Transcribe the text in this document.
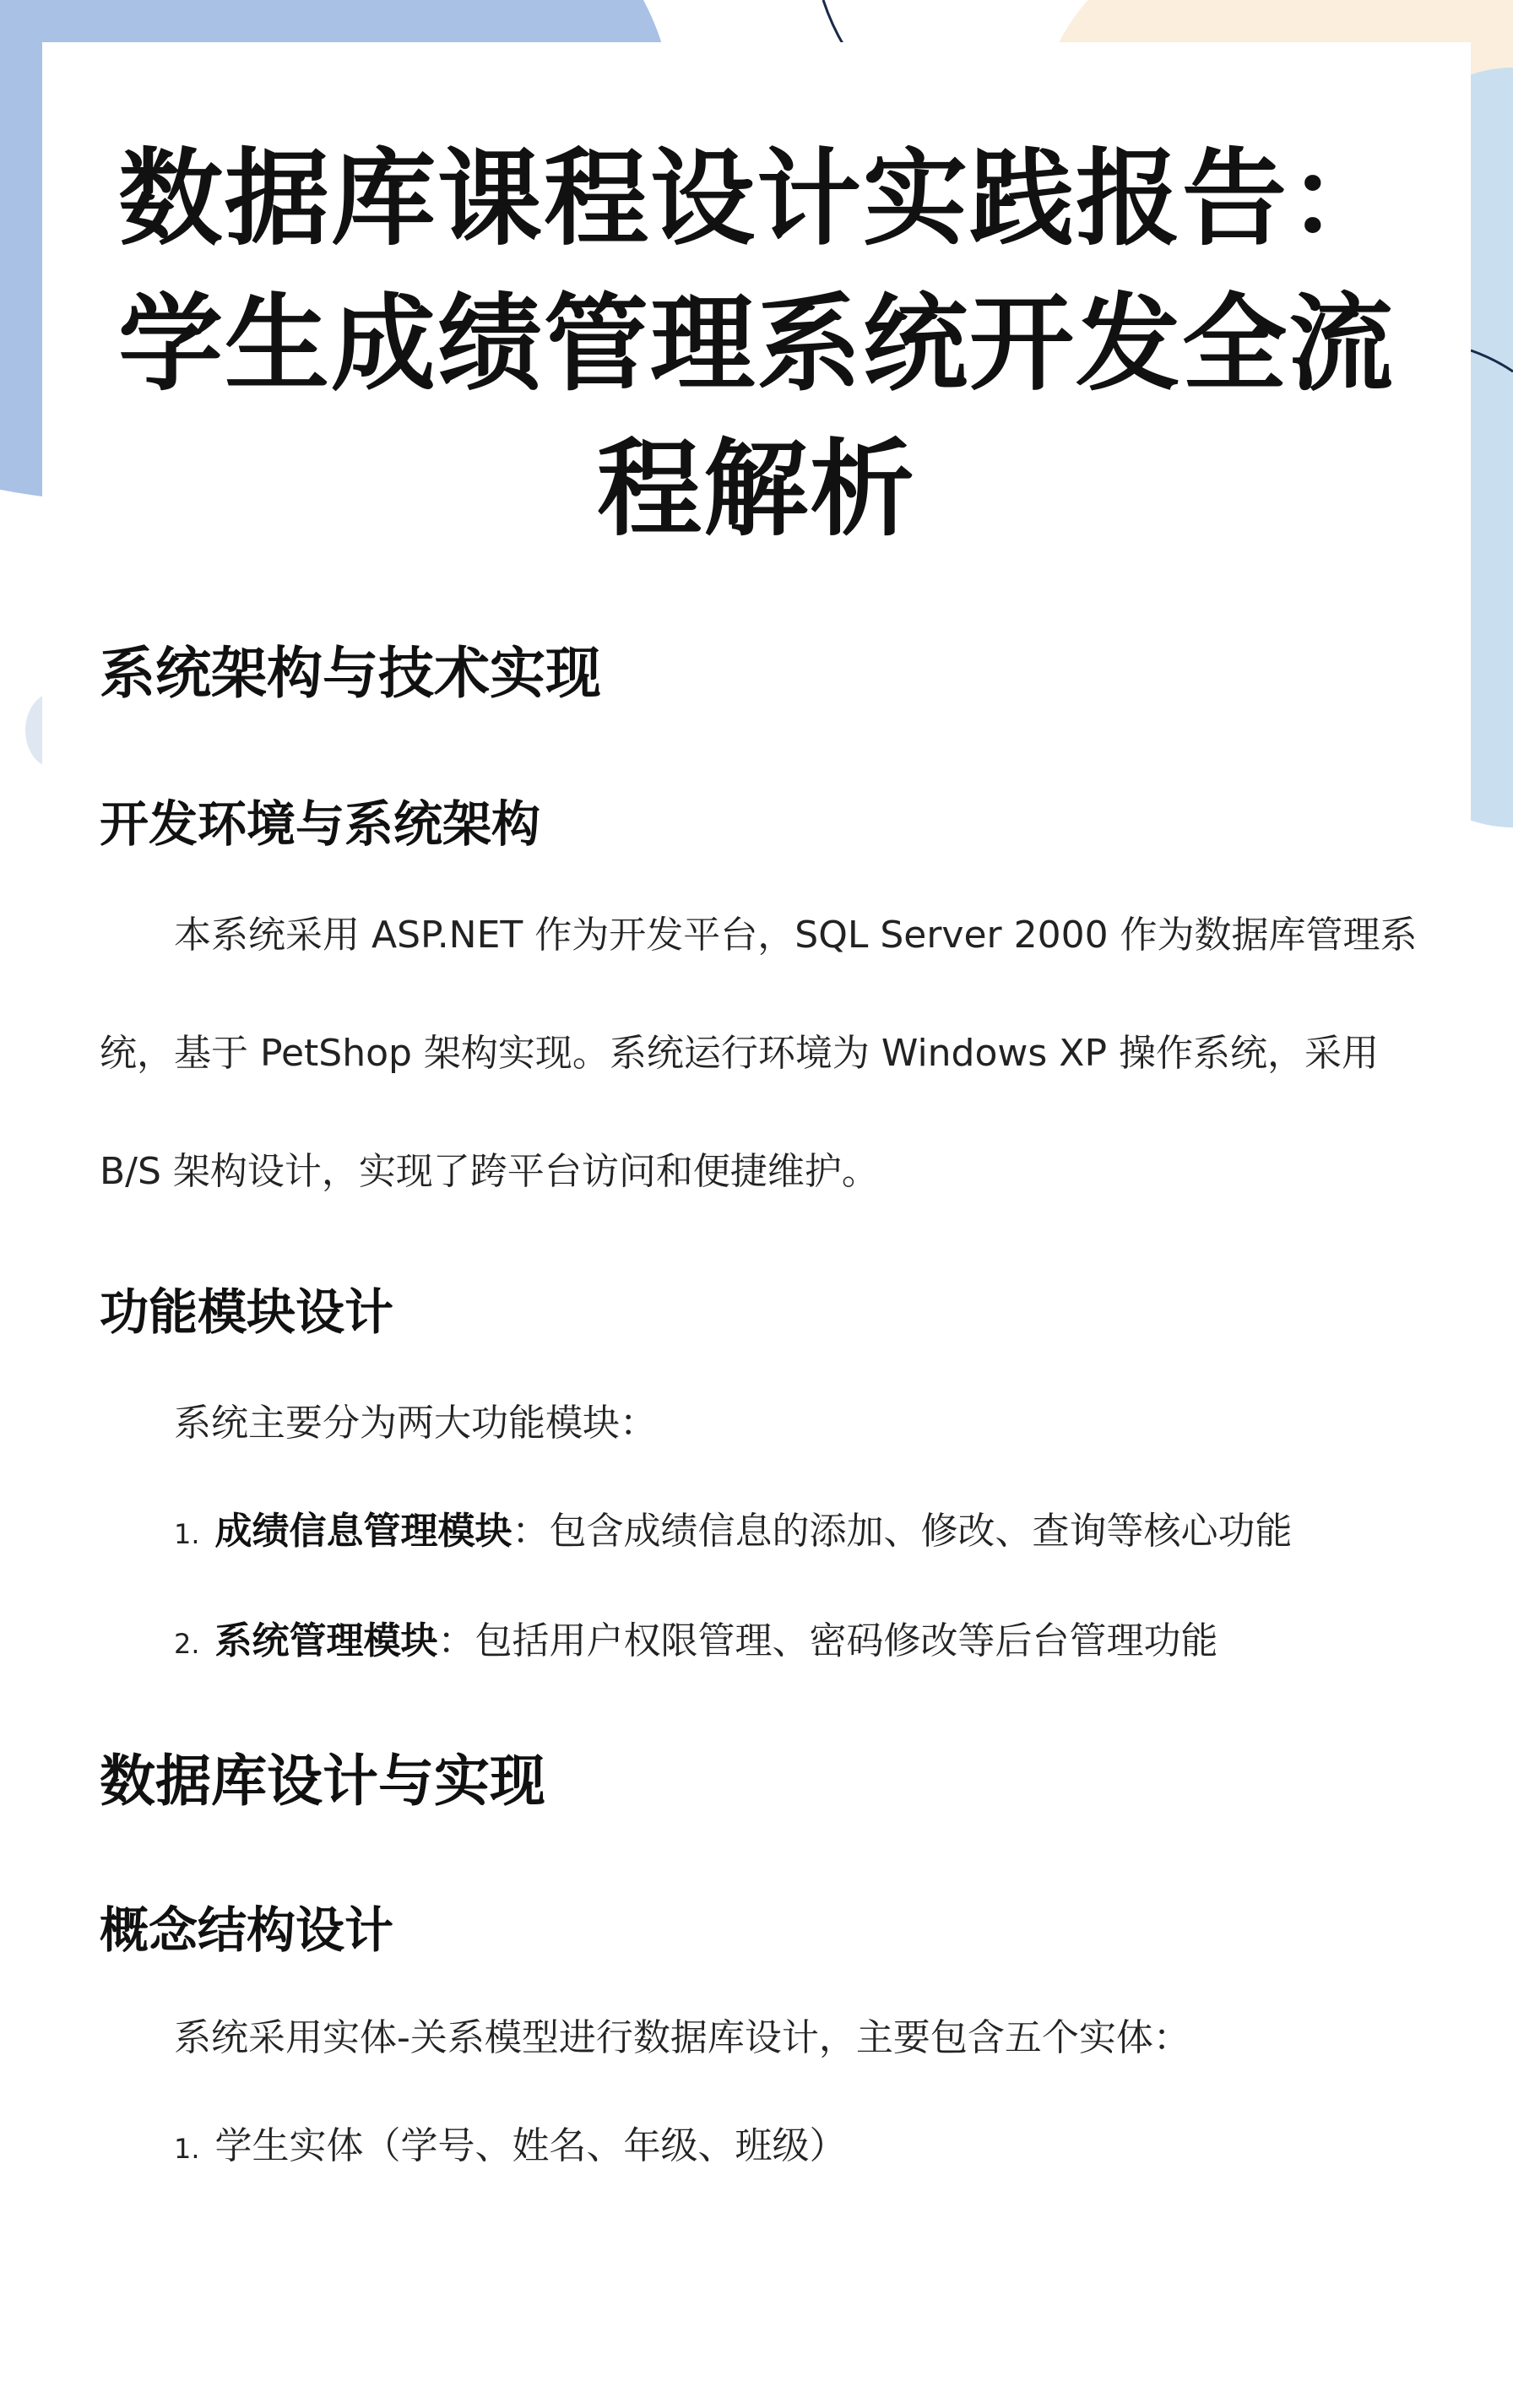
数据库课程设计实践报告：学生成绩管理系统开发全流程解析
系统架构与技术实现
开发环境与系统架构

本系统采用 ASP.NET 作为开发平台，SQL Server 2000 作为数据库管理系统，基于 PetShop 架构实现。系统运行环境为 Windows XP 操作系统，采用 B/S 架构设计，实现了跨平台访问和便捷维护。

功能模块设计

系统主要分为两大功能模块：

1. 成绩信息管理模块：包含成绩信息的添加、修改、查询等核心功能

2. 系统管理模块：包括用户权限管理、密码修改等后台管理功能

数据库设计与实现
概念结构设计

系统采用实体-关系模型进行数据库设计，主要包含五个实体：

1. 学生实体（学号、姓名、年级、班级）
